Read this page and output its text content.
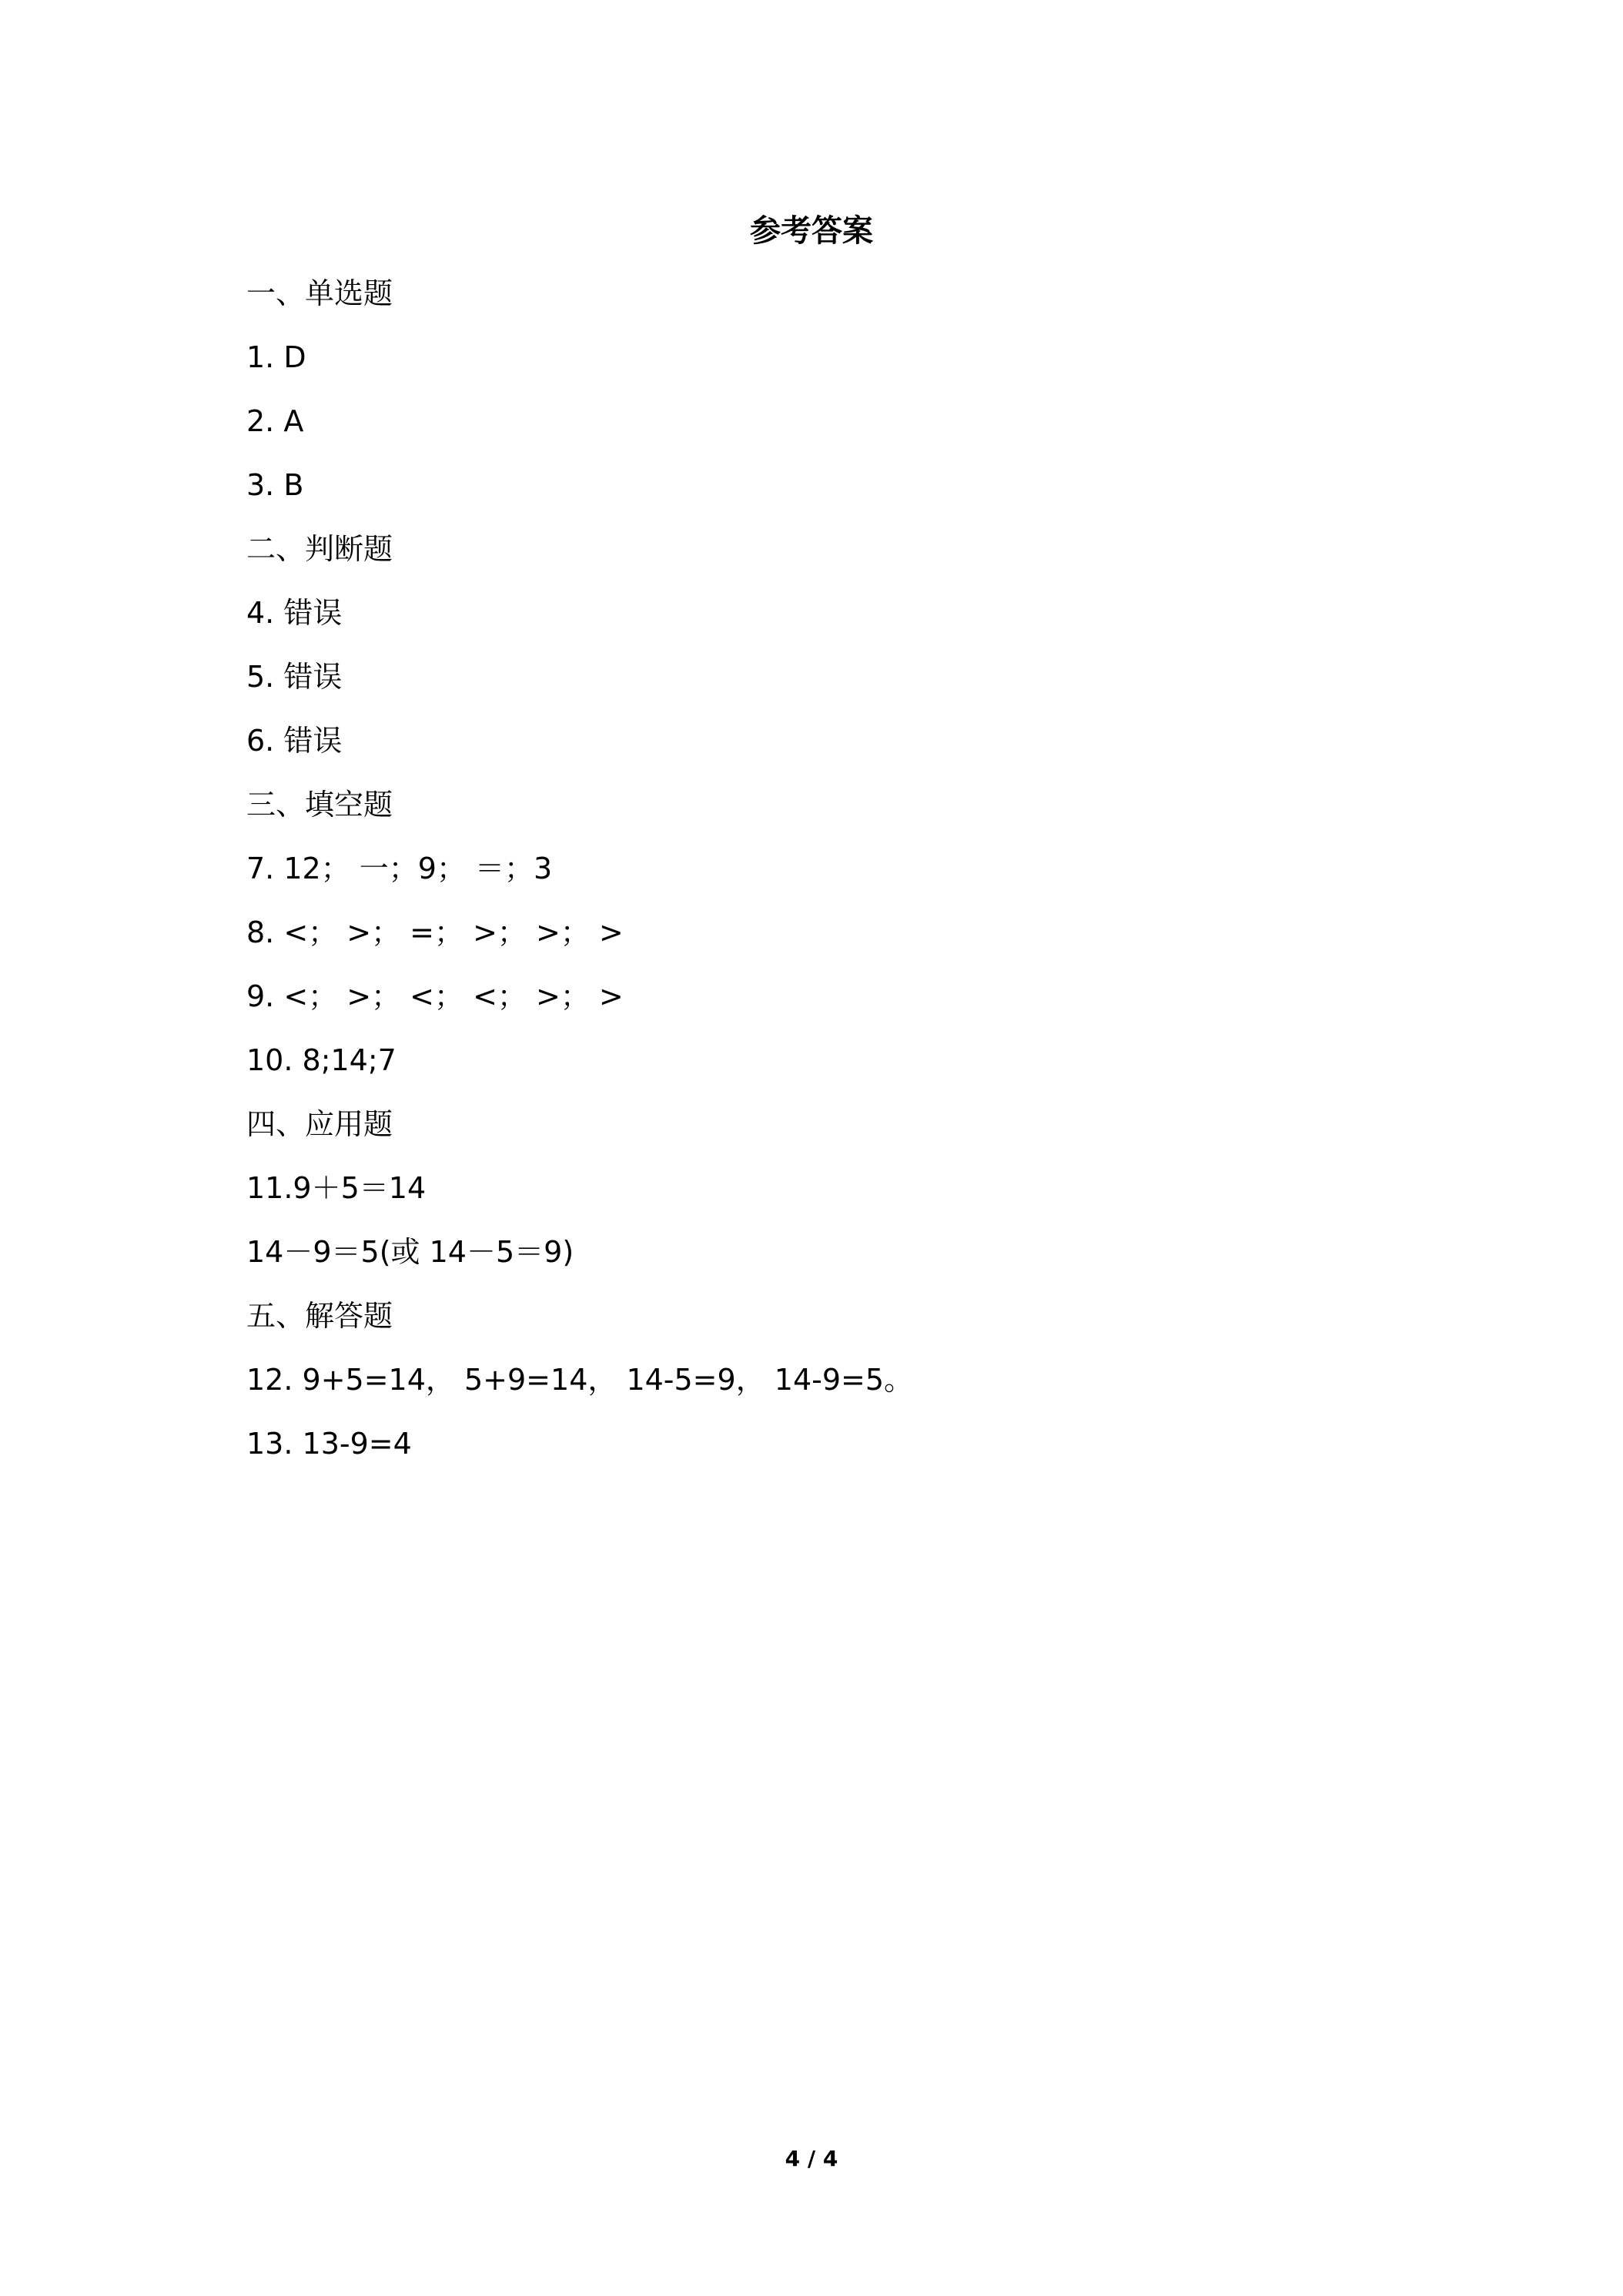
参考答案
一、单选题
1. D
2. A
3. B
二、判断题
4. 错误
5. 错误
6. 错误
三、填空题
7. 12； 一；9； ＝；3
8. <； >； =； >； >； >
9. <； >； <； <； >； >
10. 8;14;7
四、应用题
11.9＋5＝14
14－9＝5(或 14－5＝9)
五、解答题
12. 9+5=14， 5+9=14， 14-5=9， 14-9=5。
13. 13-9=4
4 / 4
